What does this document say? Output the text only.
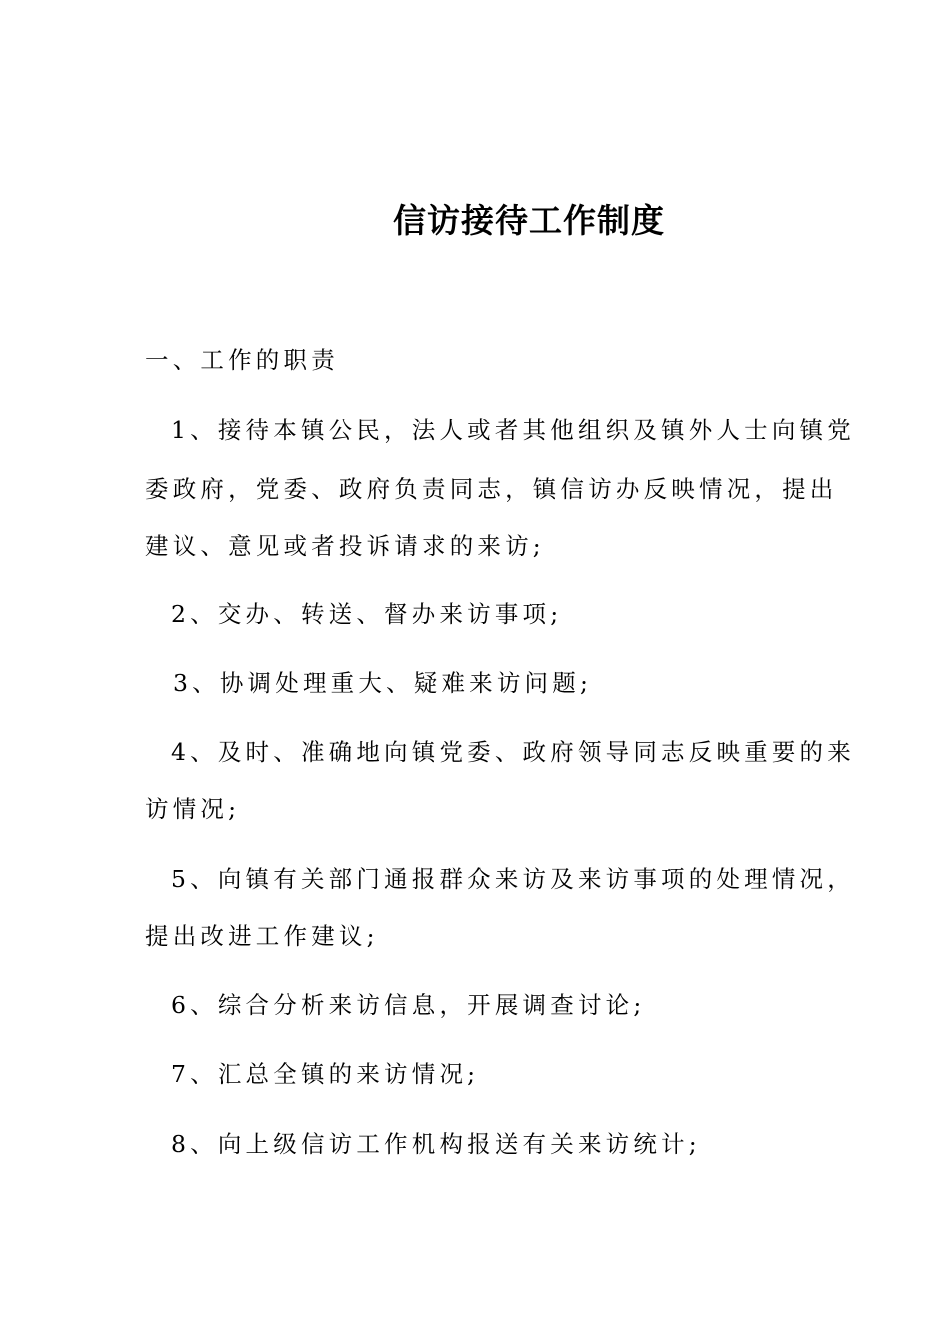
信访接待工作制度
一、工作的职责
1、接待本镇公民，法人或者其他组织及镇外人士向镇党
委政府，党委、政府负责同志，镇信访办反映情况，提出
建议、意见或者投诉请求的来访;
2、交办、转送、督办来访事项;
3、协调处理重大、疑难来访问题;
4、及时、准确地向镇党委、政府领导同志反映重要的来
访情况;
5、向镇有关部门通报群众来访及来访事项的处理情况，
提出改进工作建议;
6、综合分析来访信息，开展调查讨论;
7、汇总全镇的来访情况;
8、向上级信访工作机构报送有关来访统计;
